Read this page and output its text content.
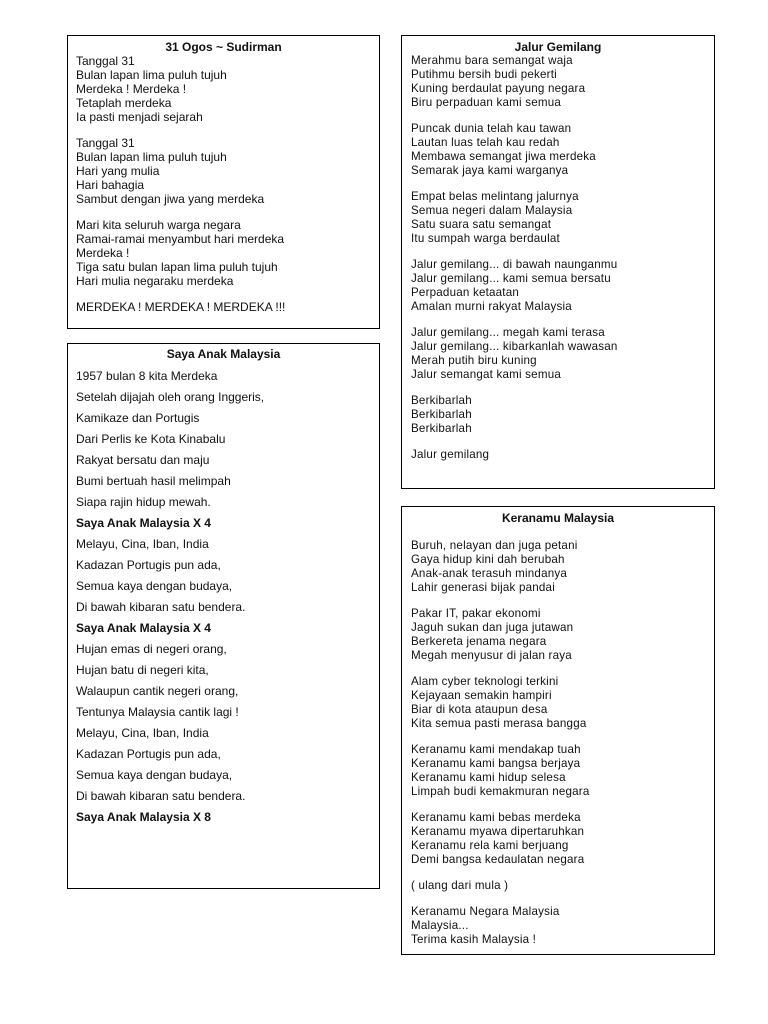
31 Ogos ~ Sudirman
Tanggal 31
Bulan lapan lima puluh tujuh
Merdeka ! Merdeka !
Tetaplah merdeka
Ia pasti menjadi sejarah
Tanggal 31
Bulan lapan lima puluh tujuh
Hari yang mulia
Hari bahagia
Sambut dengan jiwa yang merdeka
Mari kita seluruh warga negara
Ramai-ramai menyambut hari merdeka
Merdeka !
Tiga satu bulan lapan lima puluh tujuh
Hari mulia negaraku merdeka
MERDEKA ! MERDEKA ! MERDEKA !!!
Saya Anak Malaysia
1957 bulan 8 kita Merdeka
Setelah dijajah oleh orang Inggeris,
Kamikaze dan Portugis
Dari Perlis ke Kota Kinabalu
Rakyat bersatu dan maju
Bumi bertuah hasil melimpah
Siapa rajin hidup mewah.
Saya Anak Malaysia X 4
Melayu, Cina, Iban, India
Kadazan Portugis pun ada,
Semua kaya dengan budaya,
Di bawah kibaran satu bendera.
Saya Anak Malaysia X 4
Hujan emas di negeri orang,
Hujan batu di negeri kita,
Walaupun cantik negeri orang,
Tentunya Malaysia cantik lagi !
Melayu, Cina, Iban, India
Kadazan Portugis pun ada,
Semua kaya dengan budaya,
Di bawah kibaran satu bendera.
Saya Anak Malaysia X 8
Jalur Gemilang
Merahmu bara semangat waja
Putihmu bersih budi pekerti
Kuning berdaulat payung negara
Biru perpaduan kami semua
Puncak dunia telah kau tawan
Lautan luas telah kau redah
Membawa semangat jiwa merdeka
Semarak jaya kami warganya
Empat belas melintang jalurnya
Semua negeri dalam Malaysia
Satu suara satu semangat
Itu sumpah warga berdaulat
Jalur gemilang... di bawah naunganmu
Jalur gemilang... kami semua bersatu
Perpaduan ketaatan
Amalan murni rakyat Malaysia
Jalur gemilang... megah kami terasa
Jalur gemilang... kibarkanlah wawasan
Merah putih biru kuning
Jalur semangat kami semua
Berkibarlah
Berkibarlah
Berkibarlah
Jalur gemilang
Keranamu Malaysia
Buruh, nelayan dan juga petani
Gaya hidup kini dah berubah
Anak-anak terasuh mindanya
Lahir generasi bijak pandai
Pakar IT, pakar ekonomi
Jaguh sukan dan juga jutawan
Berkereta jenama negara
Megah menyusur di jalan raya
Alam cyber teknologi terkini
Kejayaan semakin hampiri
Biar di kota ataupun desa
Kita semua pasti merasa bangga
Keranamu kami mendakap tuah
Keranamu kami bangsa berjaya
Keranamu kami hidup selesa
Limpah budi kemakmuran negara
Keranamu kami bebas merdeka
Keranamu myawa dipertaruhkan
Keranamu rela kami berjuang
Demi bangsa kedaulatan negara
( ulang dari mula )
Keranamu Negara Malaysia
Malaysia...
Terima kasih Malaysia !
